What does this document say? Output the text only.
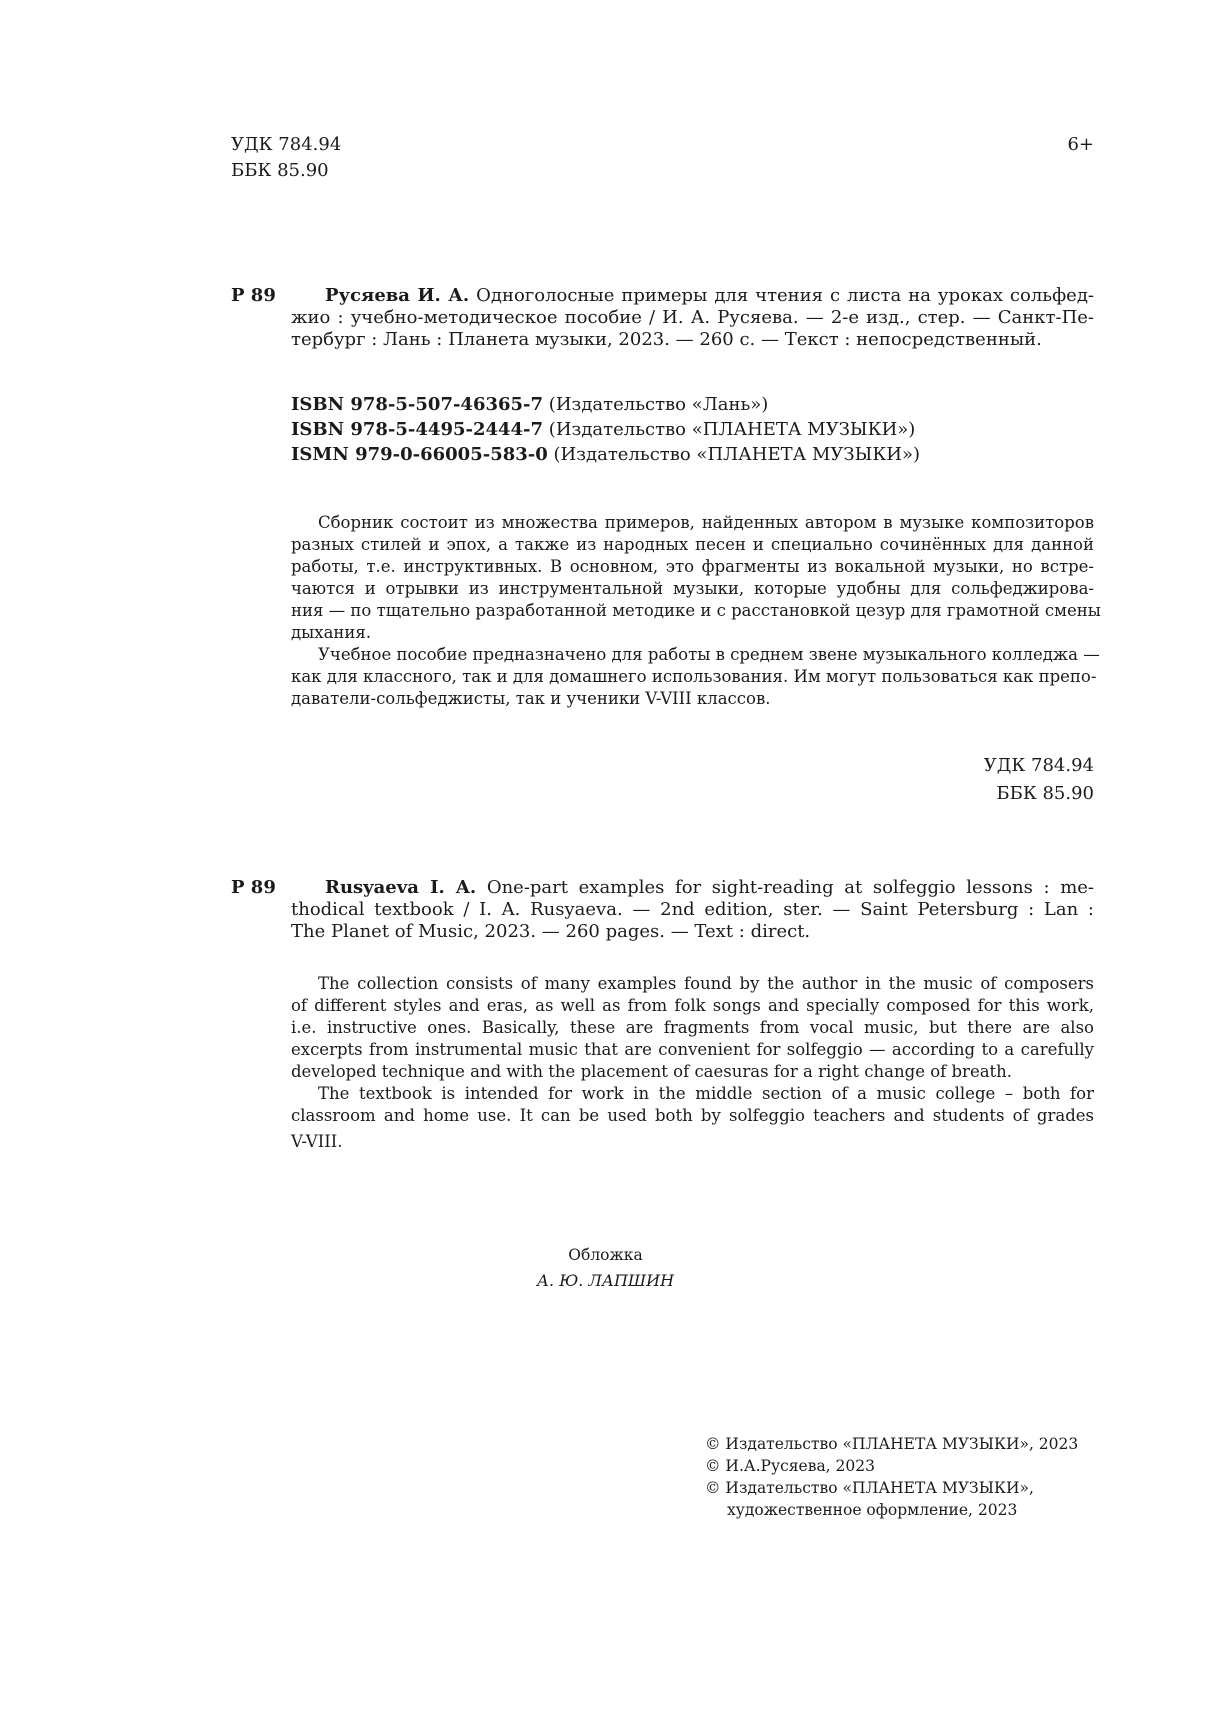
УДК 784.94
ББК 85.90
6+
Р 89	Русяева И. А. Одноголосные примеры для чтения с листа на уроках сольфед-
жио : учебно-методическое пособие / И. А. Русяева. — 2-е изд., стер. — Санкт-Пе-
тербург : Лань : Планета музыки, 2023. — 260 с. — Текст : непосредственный.
ISBN 978-5-507-46365-7 (Издательство «Лань»)
ISBN 978-5-4495-2444-7 (Издательство «ПЛАНЕТА МУЗЫКИ»)
ISMN 979-0-66005-583-0 (Издательство «ПЛАНЕТА МУЗЫКИ»)
Сборник состоит из множества примеров, найденных автором в музыке композиторов
разных стилей и эпох, а также из народных песен и специально сочинённых для данной
работы, т.е. инструктивных. В основном, это фрагменты из вокальной музыки, но встре-
чаются и отрывки из инструментальной музыки, которые удобны для сольфеджирова-
ния — по тщательно разработанной методике и с расстановкой цезур для грамотной смены
дыхания.
Учебное пособие предназначено для работы в среднем звене музыкального колледжа —
как для классного, так и для домашнего использования. Им могут пользоваться как препо-
даватели-сольфеджисты, так и ученики V-VIII классов.
УДК 784.94
ББК 85.90
Р 89	Rusyaeva I. A. One-part examples for sight-reading at solfeggio lessons : me-
thodical textbook / I. A. Rusyaeva. — 2nd edition, ster. — Saint Petersburg : Lan :
The Planet of Music, 2023. — 260 pages. — Text : direct.
The collection consists of many examples found by the author in the music of composers
of different styles and eras, as well as from folk songs and specially composed for this work,
i.e. instructive ones. Basically, these are fragments from vocal music, but there are also
excerpts from instrumental music that are convenient for solfeggio — according to a carefully
developed technique and with the placement of caesuras for a right change of breath.
The textbook is intended for work in the middle section of a music college – both for
classroom and home use. It can be used both by solfeggio teachers and students of grades
V-VIII.
Обложка
А. Ю. ЛАПШИН
© Издательство «ПЛАНЕТА МУЗЫКИ», 2023
© И.А.Русяева, 2023
© Издательство «ПЛАНЕТА МУЗЫКИ»,
художественное оформление, 2023
